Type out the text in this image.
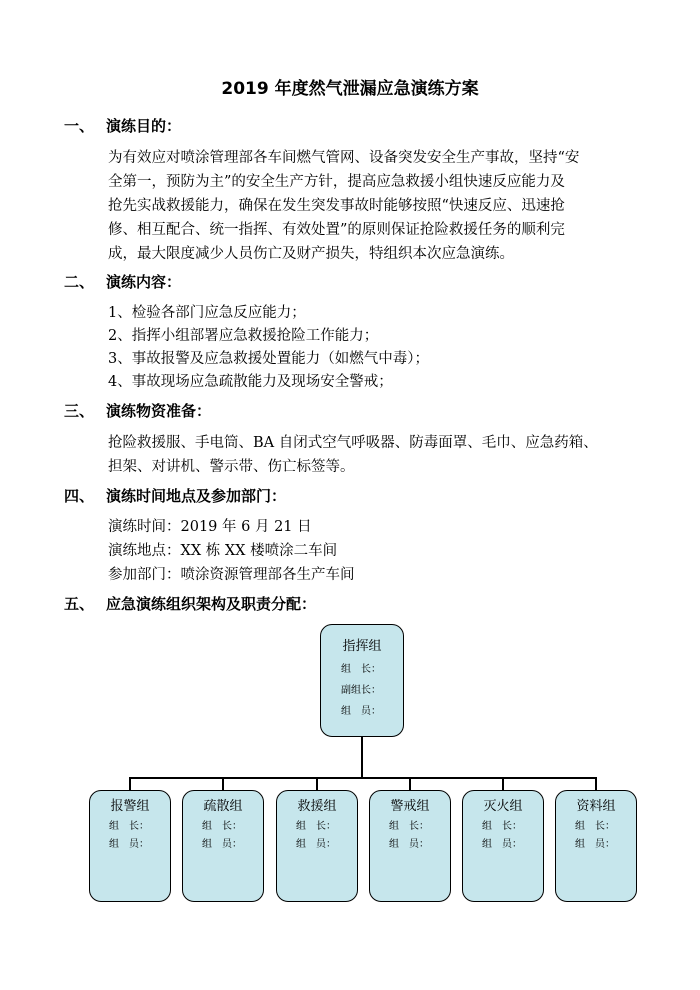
2019 年度然气泄漏应急演练方案
一、 演练目的：
为有效应对喷涂管理部各车间燃气管网、设备突发安全生产事故，坚持“安
全第一，预防为主”的安全生产方针，提高应急救援小组快速反应能力及
抢先实战救援能力，确保在发生突发事故时能够按照“快速反应、迅速抢
修、相互配合、统一指挥、有效处置”的原则保证抢险救援任务的顺利完
成，最大限度减少人员伤亡及财产损失，特组织本次应急演练。
二、 演练内容：
1、检验各部门应急反应能力；
2、指挥小组部署应急救援抢险工作能力；
3、事故报警及应急救援处置能力（如燃气中毒）；
4、事故现场应急疏散能力及现场安全警戒；
三、 演练物资准备：
抢险救援服、手电筒、BA 自闭式空气呼吸器、防毒面罩、毛巾、应急药箱、
担架、对讲机、警示带、伤亡标签等。
四、 演练时间地点及参加部门：
演练时间：2019 年 6 月 21 日
演练地点：XX 栋 XX 楼喷涂二车间
参加部门：喷涂资源管理部各生产车间
五、 应急演练组织架构及职责分配：
指挥组
组　长：
副组长：
组　员：
报警组
组　长：
组　员：
疏散组
组　长：
组　员：
救援组
组　长：
组　员：
警戒组
组　长：
组　员：
灭火组
组　长：
组　员：
资料组
组　长：
组　员：
